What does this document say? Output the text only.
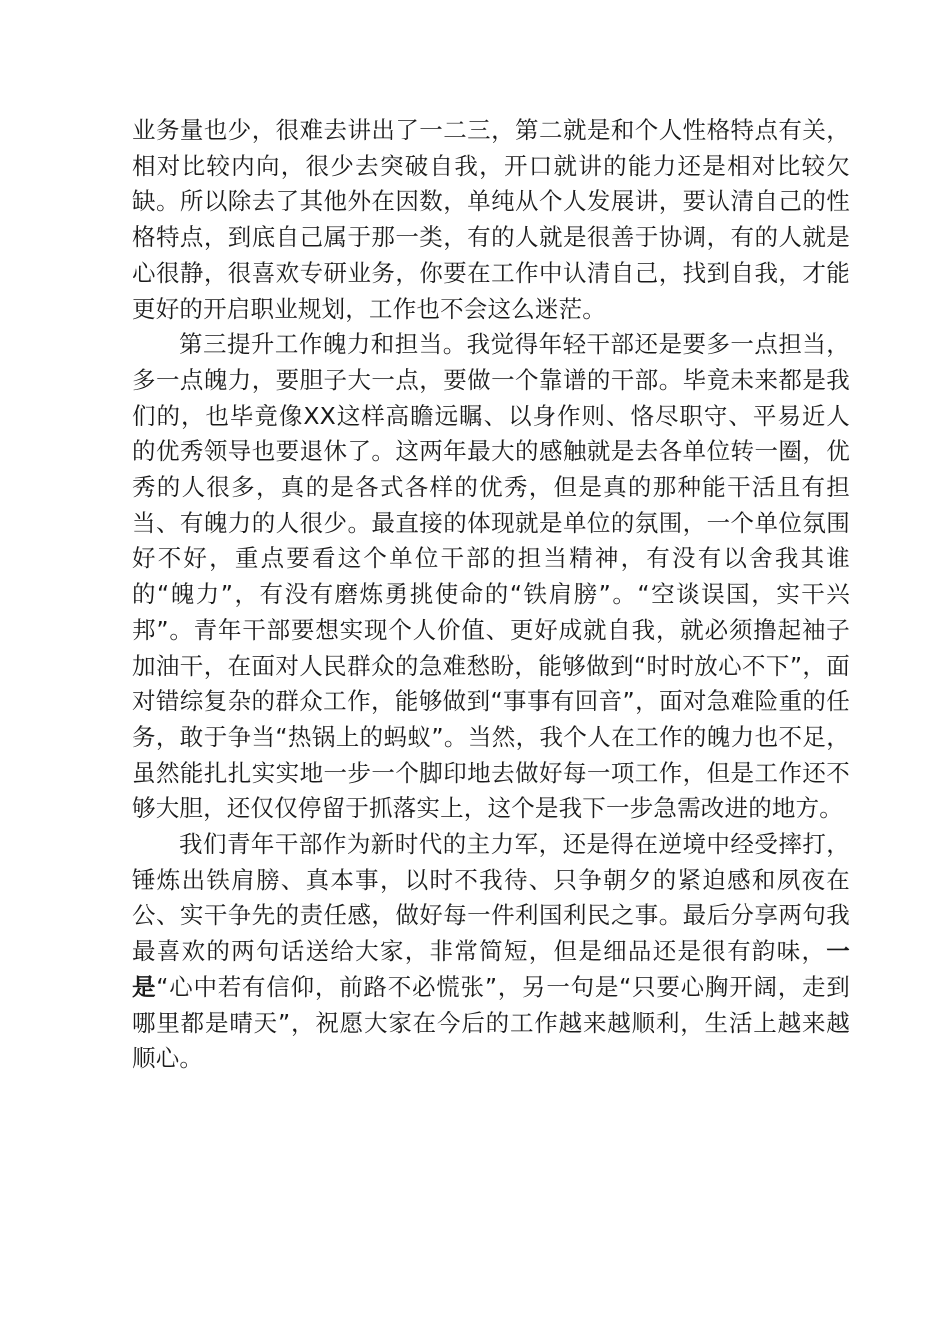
业务量也少，很难去讲出了一二三，第二就是和个人性格特点有关，相对比较内向，很少去突破自我，开口就讲的能力还是相对比较欠缺。所以除去了其他外在因数，单纯从个人发展讲，要认清自己的性格特点，到底自己属于那一类，有的人就是很善于协调，有的人就是心很静，很喜欢专研业务，你要在工作中认清自己，找到自我，才能更好的开启职业规划，工作也不会这么迷茫。

第三提升工作魄力和担当。我觉得年轻干部还是要多一点担当，多一点魄力，要胆子大一点，要做一个靠谱的干部。毕竟未来都是我们的，也毕竟像XX这样高瞻远瞩、以身作则、恪尽职守、平易近人的优秀领导也要退休了。这两年最大的感触就是去各单位转一圈，优秀的人很多，真的是各式各样的优秀，但是真的那种能干活且有担当、有魄力的人很少。最直接的体现就是单位的氛围，一个单位氛围好不好，重点要看这个单位干部的担当精神，有没有以舍我其谁的“魄力”，有没有磨炼勇挑使命的“铁肩膀”。“空谈误国，实干兴邦”。青年干部要想实现个人价值、更好成就自我，就必须撸起袖子加油干，在面对人民群众的急难愁盼，能够做到“时时放心不下”，面对错综复杂的群众工作，能够做到“事事有回音”，面对急难险重的任务，敢于争当“热锅上的蚂蚁”。当然，我个人在工作的魄力也不足，虽然能扎扎实实地一步一个脚印地去做好每一项工作，但是工作还不够大胆，还仅仅停留于抓落实上，这个是我下一步急需改进的地方。

我们青年干部作为新时代的主力军，还是得在逆境中经受摔打，锤炼出铁肩膀、真本事，以时不我待、只争朝夕的紧迫感和夙夜在公、实干争先的责任感，做好每一件利国利民之事。最后分享两句我最喜欢的两句话送给大家，非常简短，但是细品还是很有韵味，一是“心中若有信仰，前路不必慌张”，另一句是“只要心胸开阔，走到哪里都是晴天”，祝愿大家在今后的工作越来越顺利，生活上越来越顺心。
